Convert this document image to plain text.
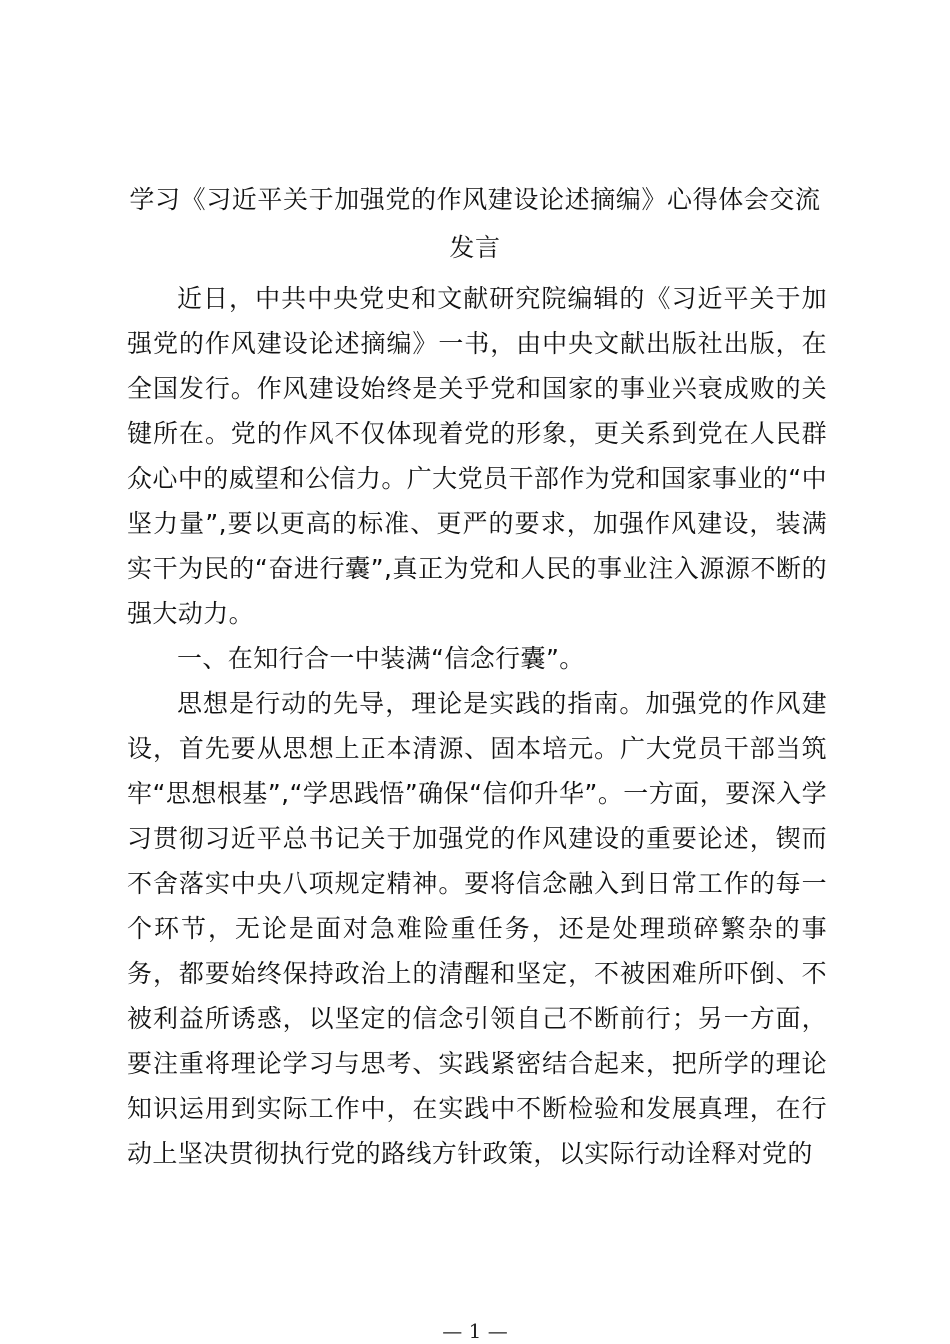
学习《习近平关于加强党的作风建设论述摘编》心得体会交流发言

近日，中共中央党史和文献研究院编辑的《习近平关于加强党的作风建设论述摘编》一书，由中央文献出版社出版，在全国发行。作风建设始终是关乎党和国家的事业兴衰成败的关键所在。党的作风不仅体现着党的形象，更关系到党在人民群众心中的威望和公信力。广大党员干部作为党和国家事业的“中坚力量”,要以更高的标准、更严的要求，加强作风建设，装满实干为民的“奋进行囊”,真正为党和人民的事业注入源源不断的强大动力。

一、在知行合一中装满“信念行囊”。

思想是行动的先导，理论是实践的指南。加强党的作风建设，首先要从思想上正本清源、固本培元。广大党员干部当筑牢“思想根基”,“学思践悟”确保“信仰升华”。一方面，要深入学习贯彻习近平总书记关于加强党的作风建设的重要论述，锲而不舍落实中央八项规定精神。要将信念融入到日常工作的每一个环节，无论是面对急难险重任务，还是处理琐碎繁杂的事务，都要始终保持政治上的清醒和坚定，不被困难所吓倒、不被利益所诱惑，以坚定的信念引领自己不断前行；另一方面，要注重将理论学习与思考、实践紧密结合起来，把所学的理论知识运用到实际工作中，在实践中不断检验和发展真理，在行动上坚决贯彻执行党的路线方针政策，以实际行动诠释对党的

— 1 —
